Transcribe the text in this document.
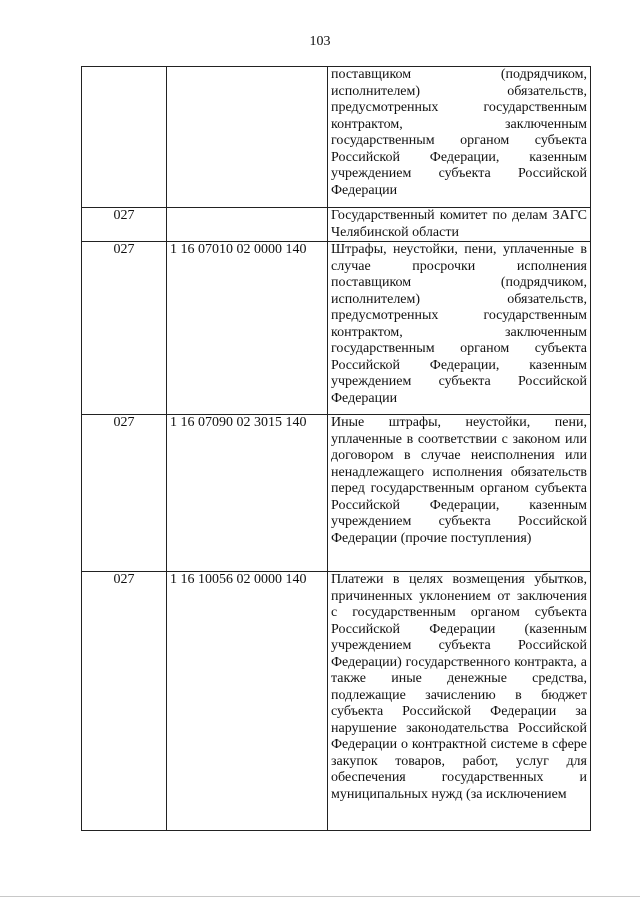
103
		поставщиком (подрядчиком, исполнителем) обязательств, предусмотренных государственным контрактом, заключенным государственным органом субъекта Российской Федерации, казенным учреждением субъекта Российской Федерации
027		Государственный комитет по делам ЗАГС Челябинской области
027	1 16 07010 02 0000 140	Штрафы, неустойки, пени, уплаченные в случае просрочки исполнения поставщиком (подрядчиком, исполнителем) обязательств, предусмотренных государственным контрактом, заключенным государственным органом субъекта Российской Федерации, казенным учреждением субъекта Российской Федерации
027	1 16 07090 02 3015 140	Иные штрафы, неустойки, пени, уплаченные в соответствии с законом или договором в случае неисполнения или ненадлежащего исполнения обязательств перед государственным органом субъекта Российской Федерации, казенным учреждением субъекта Российской Федерации (прочие поступления)
027	1 16 10056 02 0000 140	Платежи в целях возмещения убытков, причиненных уклонением от заключения с государственным органом субъекта Российской Федерации (казенным учреждением субъекта Российской Федерации) государственного контракта, а также иные денежные средства, подлежащие зачислению в бюджет субъекта Российской Федерации за нарушение законодательства Российской Федерации о контрактной системе в сфере закупок товаров, работ, услуг для обеспечения государственных и муниципальных нужд (за исключением
